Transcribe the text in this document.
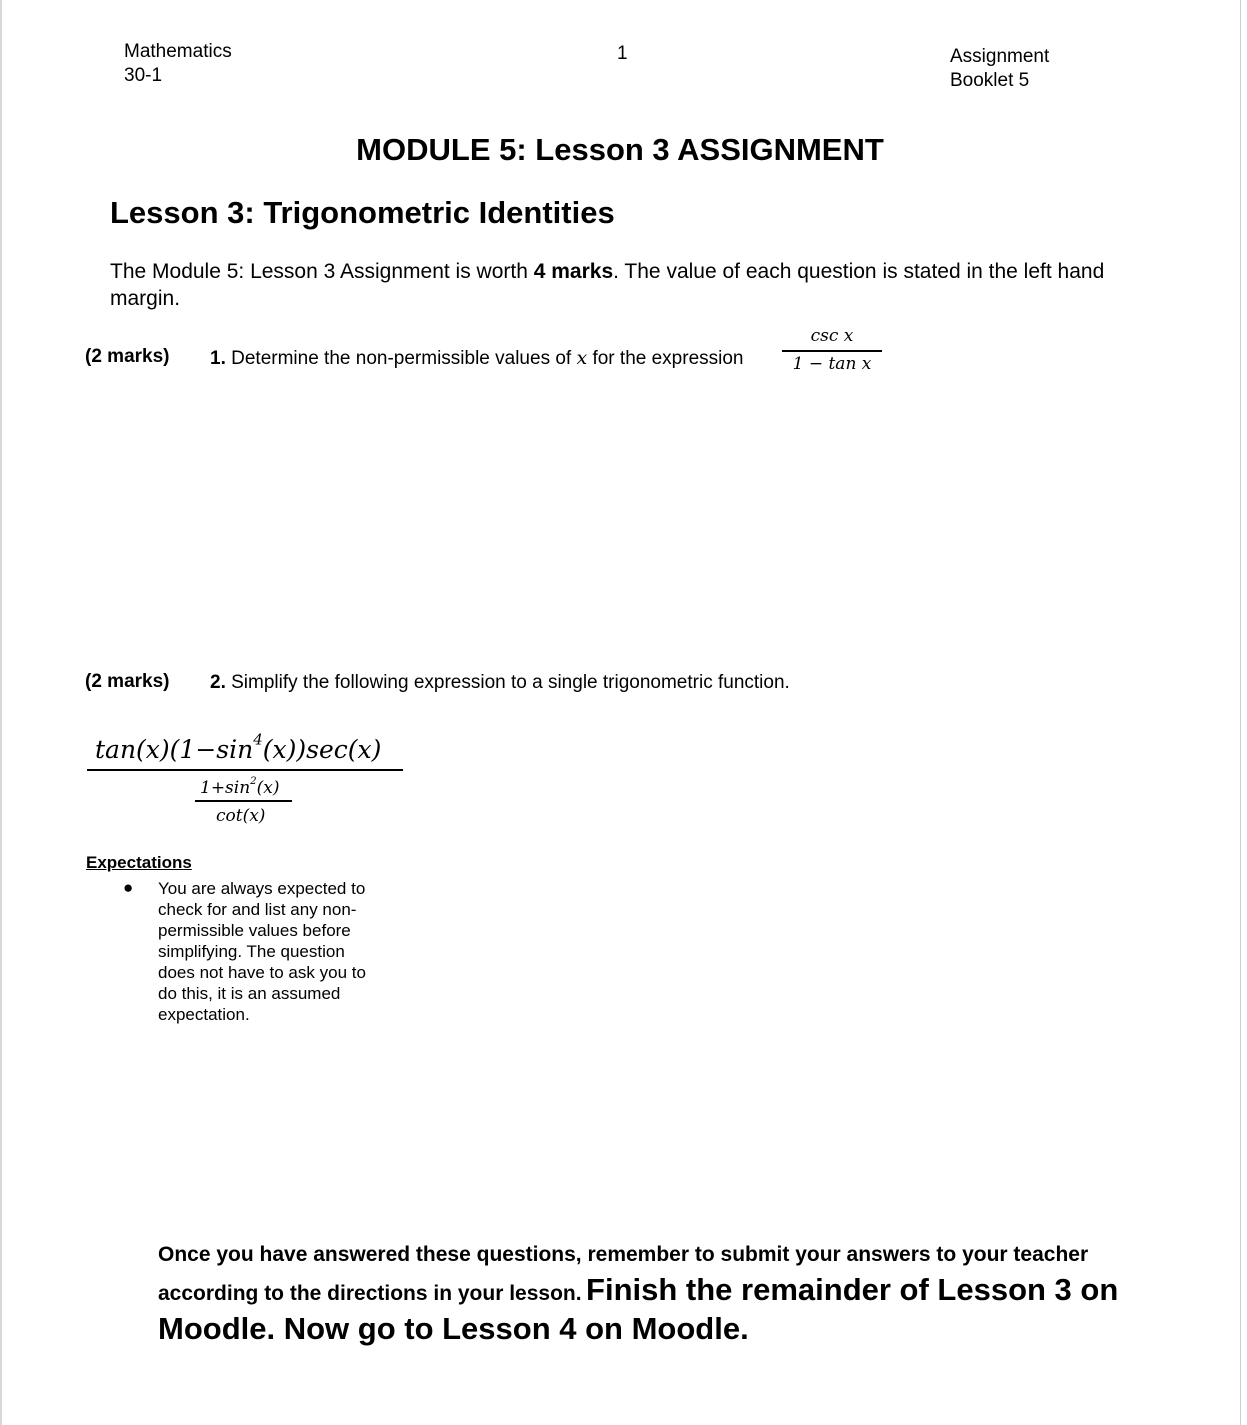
Mathematics
30-1
1	Assignment
Booklet 5
MODULE 5: Lesson 3 ASSIGNMENT
Lesson 3: Trigonometric Identities
The Module 5: Lesson 3 Assignment is worth 4 marks. The value of each question is stated in the left hand margin.
(2 marks) 1. Determine the non-permissible values of x for the expression
csc x
1 − tan x
(2 marks) 2. Simplify the following expression to a single trigonometric function.
$\tan(x)(1-\sin^4(x))\sec(x)$
$1+\sin^2(x)$
cot(x)
Expectations
● You are always expected to check for and list any non-permissible values before simplifying. The question does not have to ask you to do this, it is an assumed expectation.
Once you have answered these questions, remember to submit your answers to your teacher according to the directions in your lesson. Finish the remainder of Lesson 3 on Moodle. Now go to Lesson 4 on Moodle.
